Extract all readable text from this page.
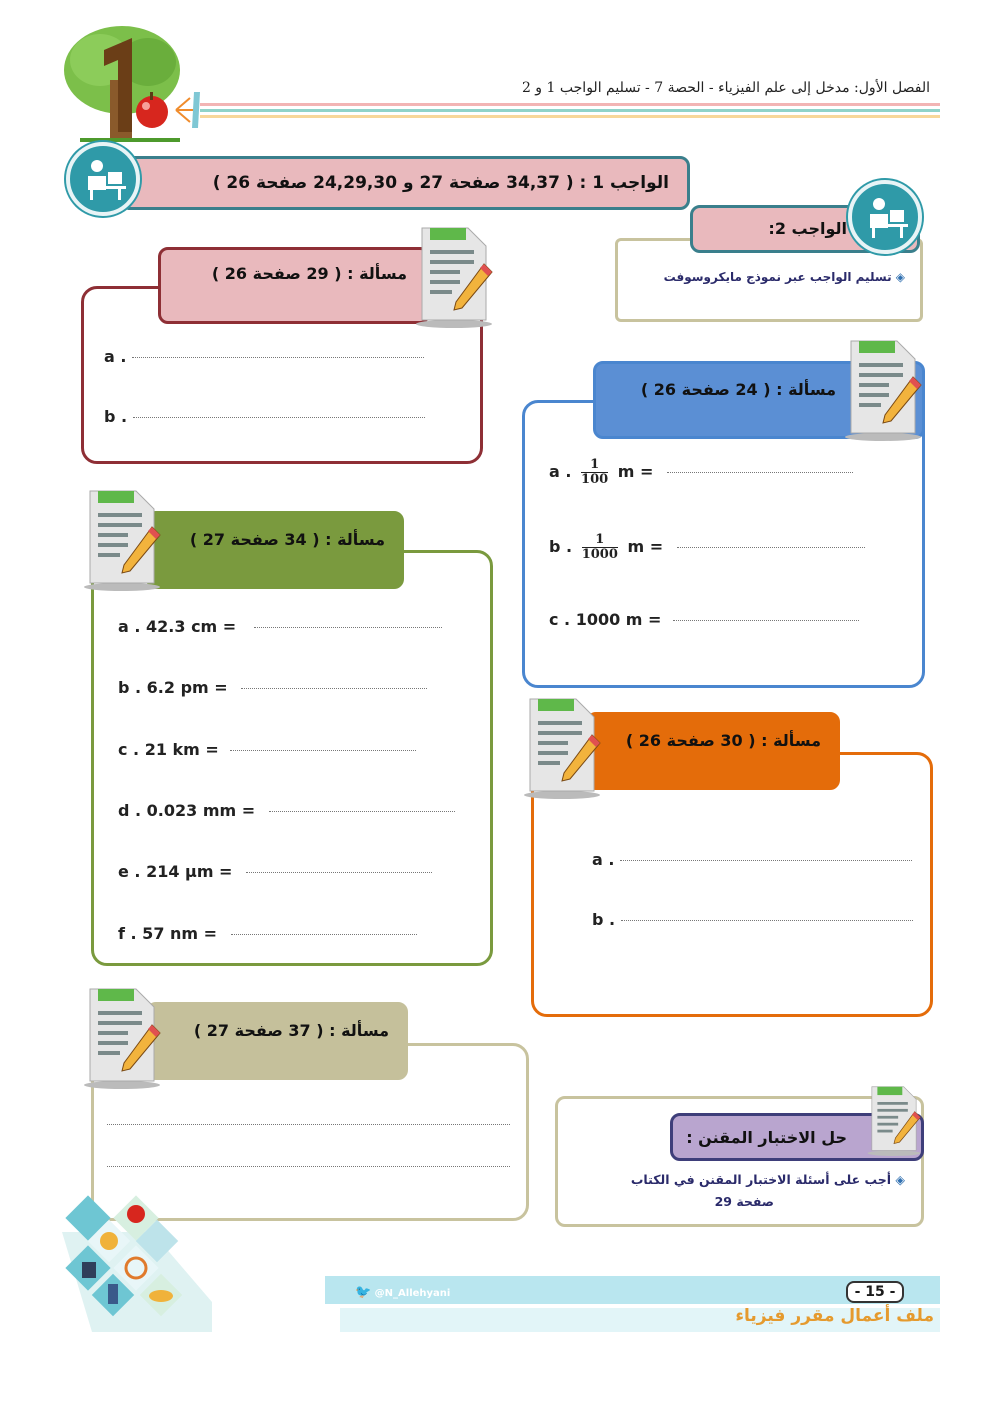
الفصل الأول: مدخل إلى علم الفيزياء - الحصة 7 - تسليم الواجب 1 و 2
الواجب 1 : ( 34,37 صفحة 27 و 24,29,30 صفحة 26 )
الواجب 2:
◈ تسليم الواجب عبر نموذج مايكروسوفت
مسألة : ( 29 صفحة 26 )
a .
b .
مسألة : ( 24 صفحة 26 )
a . $\frac{1}{100}$ m =
b . $\frac{1}{1000}$ m =
c . 1000 m =
مسألة : ( 34 صفحة 27 )
a . 42.3 cm =
b . 6.2 pm =
c . 21 km =
d . 0.023 mm =
e . 214 µm =
f . 57 nm =
مسألة : ( 30 صفحة 26 )
a .
b .
مسألة : ( 37 صفحة 27 )
حل الاختبار المقنن :
◈ أجب على أسئلة الاختبار المقنن في الكتاب
صفحة 29
🐦 @N_Allehyani	- 15 -
ملف أعمال مقرر فيزياء
